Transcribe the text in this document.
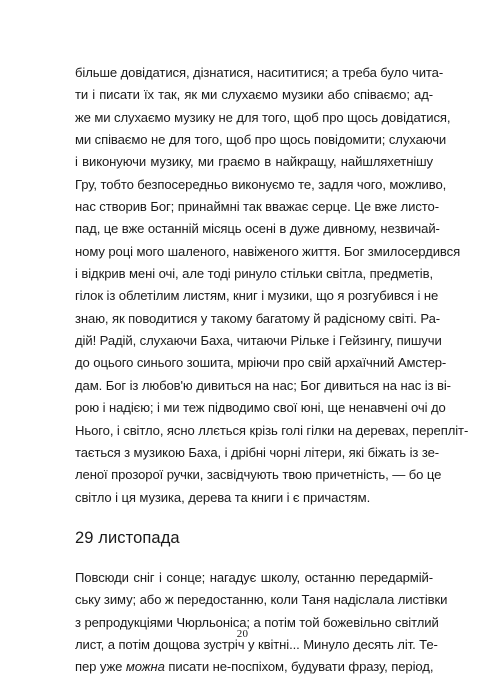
більше довідатися, дізнатися, насититися; а треба було чита-
ти і писати їх так, як ми слухаємо музики або співаємо; ад-
же ми слухаємо музику не для того, щоб про щось довідатися,
ми співаємо не для того, щоб про щось повідомити; слухаючи
і виконуючи музику, ми граємо в найкращу, найшляхетнішу
Гру, тобто безпосередньо виконуємо те, задля чого, можливо,
нас створив Бог; принаймні так вважає серце. Це вже листо-
пад, це вже останній місяць осені в дуже дивному, незвичай-
ному році мого шаленого, навіженого життя. Бог змилосердився
і відкрив мені очі, але тоді ринуло стільки світла, предметів,
гілок із облетілим листям, книг і музики, що я розгубився і не
знаю, як поводитися у такому багатому й радісному світі. Ра-
дій! Радій, слухаючи Баха, читаючи Рільке і Гейзингу, пишучи
до оцього синього зошита, мріючи про свій архаїчний Амстер-
дам. Бог із любов'ю дивиться на нас; Бог дивиться на нас із ві-
рою і надією; і ми теж підводимо свої юні, ще ненавчені очі до
Нього, і світло, ясно ллється крізь голі гілки на деревах, перепліт-
тається з музикою Баха, і дрібні чорні літери, які біжать із зе-
леної прозорої ручки, засвідчують твою причетність, — бо це
світло і ця музика, дерева та книги і є причастям.
29 листопада
Повсюди сніг і сонце; нагадує школу, останню передармій-
ську зиму; або ж передостанню, коли Таня надіслала листівки
з репродукціями Чюрльоніса; а потім той божевільно світлий
лист, а потім дощова зустріч у квітні... Минуло десять літ. Те-
пер уже можна писати не-поспіхом, будувати фразу, період,
20
